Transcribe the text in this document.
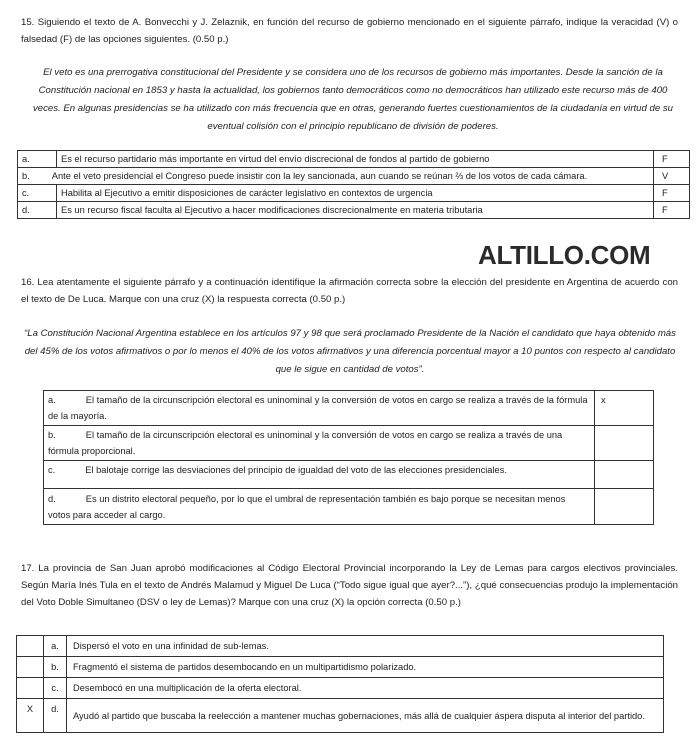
15. Siguiendo el texto de A. Bonvecchi y J. Zelaznik, en función del recurso de gobierno mencionado en el siguiente párrafo, indique la veracidad (V) o falsedad (F) de las opciones siguientes. (0.50 p.)
El veto es una prerrogativa constitucional del Presidente y se considera uno de los recursos de gobierno más importantes. Desde la sanción de la Constitución nacional en 1853 y hasta la actualidad, los gobiernos tanto democráticos como no democráticos han utilizado este recurso más de 400 veces. En algunas presidencias se ha utilizado con más frecuencia que en otras, generando fuertes cuestionamientos de la ciudadanía en virtud de su eventual colisión con el principio republicano de división de poderes.
a.	Es el recurso partidario más importante en virtud del envío discrecional de fondos al partido de gobierno	F
b. Ante el veto presidencial el Congreso puede insistir con la ley sancionada, aun cuando se reúnan ⅔ de los votos de cada cámara.		V
c.	Habilita al Ejecutivo a emitir disposiciones de carácter legislativo en contextos de urgencia	F
d.	Es un recurso fiscal faculta al Ejecutivo a hacer modificaciones discrecionalmente en materia tributaria	F
ALTILLO.COM
16. Lea atentamente el siguiente párrafo y a continuación identifique la afirmación correcta sobre la elección del presidente en Argentina de acuerdo con el texto de De Luca. Marque con una cruz (X) la respuesta correcta (0.50 p.)
“La Constitución Nacional Argentina establece en los artículos 97 y 98 que será proclamado Presidente de la Nación el candidato que haya obtenido más del 45% de los votos afirmativos o por lo menos el 40% de los votos afirmativos y una diferencia porcentual mayor a 10 puntos con respecto al candidato que le sigue en cantidad de votos”.
a. El tamaño de la circunscripción electoral es uninominal y la conversión de votos en cargo se realiza a través de la fórmula de la mayoría.	x
b. El tamaño de la circunscripción electoral es uninominal y la conversión de votos en cargo se realiza a través de una fórmula proporcional.	
c. El balotaje corrige las desviaciones del principio de igualdad del voto de las elecciones presidenciales.	
d. Es un distrito electoral pequeño, por lo que el umbral de representación también es bajo porque se necesitan menos votos para acceder al cargo.	
17. La provincia de San Juan aprobó modificaciones al Código Electoral Provincial incorporando la Ley de Lemas para cargos electivos provinciales. Según María Inés Tula en el texto de Andrés Malamud y Miguel De Luca (“Todo sigue igual que ayer?...”), ¿qué consecuencias produjo la implementación del Voto Doble Simultaneo (DSV o ley de Lemas)? Marque con una cruz (X) la opción correcta (0.50 p.)
	a.	Dispersó el voto en una infinidad de sub-lemas.
	b.	Fragmentó el sistema de partidos desembocando en un multipartidismo polarizado.
	c.	Desembocó en una multiplicación de la oferta electoral.
X	d.	Ayudó al partido que buscaba la reelección a mantener muchas gobernaciones, más allá de cualquier áspera disputa al interior del partido.
